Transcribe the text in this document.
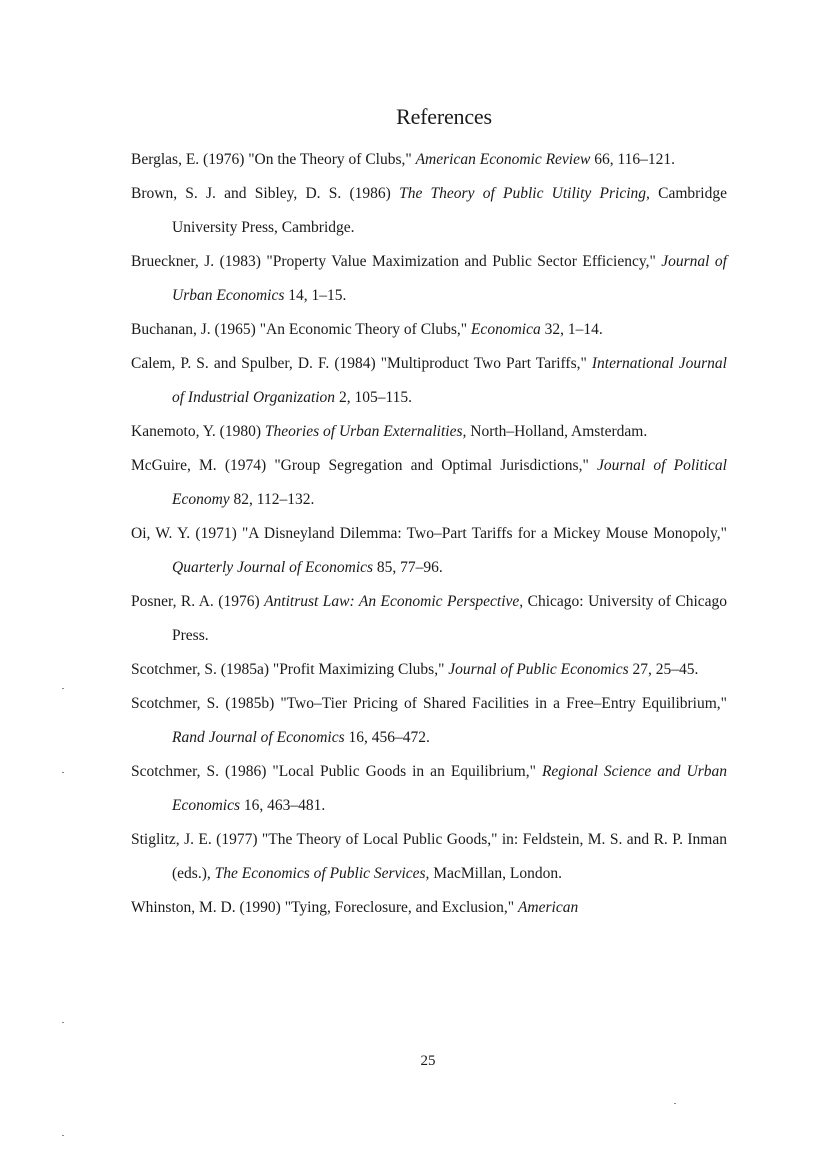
References

Berglas, E. (1976) "On the Theory of Clubs," American Economic Review 66, 116–121.

Brown, S. J. and Sibley, D. S. (1986) The Theory of Public Utility Pricing, Cambridge University Press, Cambridge.

Brueckner, J. (1983) "Property Value Maximization and Public Sector Efficiency," Journal of Urban Economics 14, 1–15.

Buchanan, J. (1965) "An Economic Theory of Clubs," Economica 32, 1–14.

Calem, P. S. and Spulber, D. F. (1984) "Multiproduct Two Part Tariffs," International Journal of Industrial Organization 2, 105–115.

Kanemoto, Y. (1980) Theories of Urban Externalities, North–Holland, Amsterdam.

McGuire, M. (1974) "Group Segregation and Optimal Jurisdictions," Journal of Political Economy 82, 112–132.

Oi, W. Y. (1971) "A Disneyland Dilemma: Two–Part Tariffs for a Mickey Mouse Monopoly," Quarterly Journal of Economics 85, 77–96.

Posner, R. A. (1976) Antitrust Law: An Economic Perspective, Chicago: University of Chicago Press.

Scotchmer, S. (1985a) "Profit Maximizing Clubs," Journal of Public Economics 27, 25–45.

Scotchmer, S. (1985b) "Two–Tier Pricing of Shared Facilities in a Free–Entry Equilibrium," Rand Journal of Economics 16, 456–472.

Scotchmer, S. (1986) "Local Public Goods in an Equilibrium," Regional Science and Urban Economics 16, 463–481.

Stiglitz, J. E. (1977) "The Theory of Local Public Goods," in: Feldstein, M. S. and R. P. Inman (eds.), The Economics of Public Services, MacMillan, London.

Whinston, M. D. (1990) "Tying, Foreclosure, and Exclusion," American

25
